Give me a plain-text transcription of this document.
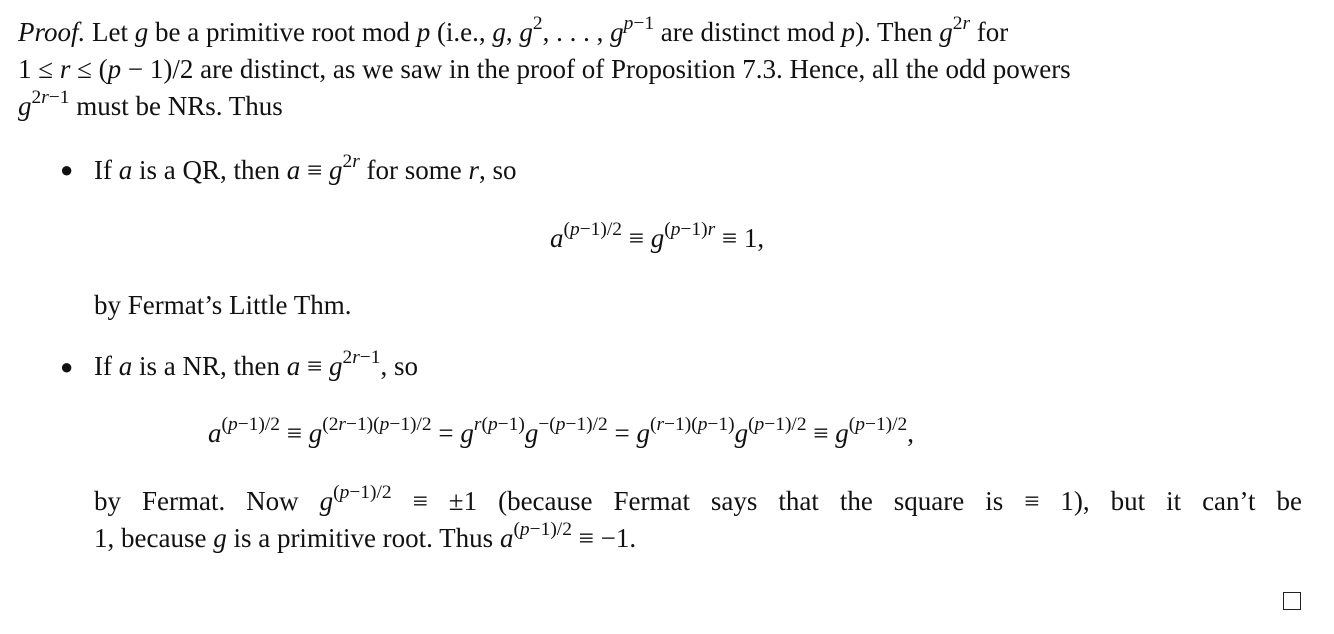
Proof. Let g be a primitive root mod p (i.e., g, $g^2$, . . . , $g^{p-1}$ are distinct mod p). Then $g^{2r}$ for
1 ≤ r ≤ (p − 1)/2 are distinct, as we saw in the proof of Proposition 7.3. Hence, all the odd powers
$g^{2r-1}$ must be NRs. Thus
● If a is a QR, then $a \equiv g^{2r}$ for some r, so
$a^{(p-1)/2} \equiv g^{(p-1)r} \equiv 1$,
by Fermat’s Little Thm.
● If a is a NR, then $a \equiv g^{2r-1}$, so
$a^{(p-1)/2} \equiv g^{(2r-1)(p-1)/2} = g^{r(p-1)}g^{-(p-1)/2} = g^{(r-1)(p-1)}g^{(p-1)/2} \equiv g^{(p-1)/2}$,
by Fermat. Now $g^{(p-1)/2} \equiv \pm 1$ (because Fermat says that the square is ≡ 1), but it can’t be
1, because g is a primitive root. Thus $a^{(p-1)/2} \equiv -1$.
